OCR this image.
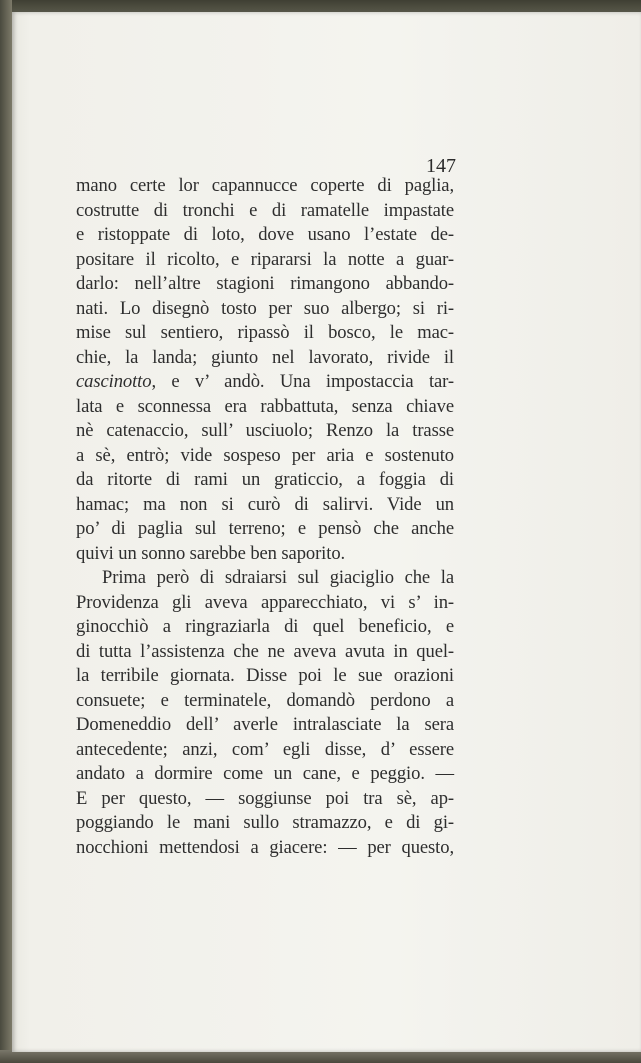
147

mano certe lor capannucce coperte di paglia,
costrutte di tronchi e di ramatelle impastate
e ristoppate di loto, dove usano l’estate de-
positare il ricolto, e ripararsi la notte a guar-
darlo: nell’altre stagioni rimangono abbando-
nati. Lo disegnò tosto per suo albergo; si ri-
mise sul sentiero, ripassò il bosco, le mac-
chie, la landa; giunto nel lavorato, rivide il
cascinotto, e v’ andò. Una impostaccia tar-
lata e sconnessa era rabbattuta, senza chiave
nè catenaccio, sull’ usciuolo; Renzo la trasse
a sè, entrò; vide sospeso per aria e sostenuto
da ritorte di rami un graticcio, a foggia di
hamac; ma non si curò di salirvi. Vide un
po’ di paglia sul terreno; e pensò che anche
quivi un sonno sarebbe ben saporito.
Prima però di sdraiarsi sul giaciglio che la
Providenza gli aveva apparecchiato, vi s’ in-
ginocchiò a ringraziarla di quel beneficio, e
di tutta l’assistenza che ne aveva avuta in quel-
la terribile giornata. Disse poi le sue orazioni
consuete; e terminatele, domandò perdono a
Domeneddio dell’ averle intralasciate la sera
antecedente; anzi, com’ egli disse, d’ essere
andato a dormire come un cane, e peggio. —
E per questo, — soggiunse poi tra sè, ap-
poggiando le mani sullo stramazzo, e di gi-
nocchioni mettendosi a giacere: — per questo,
